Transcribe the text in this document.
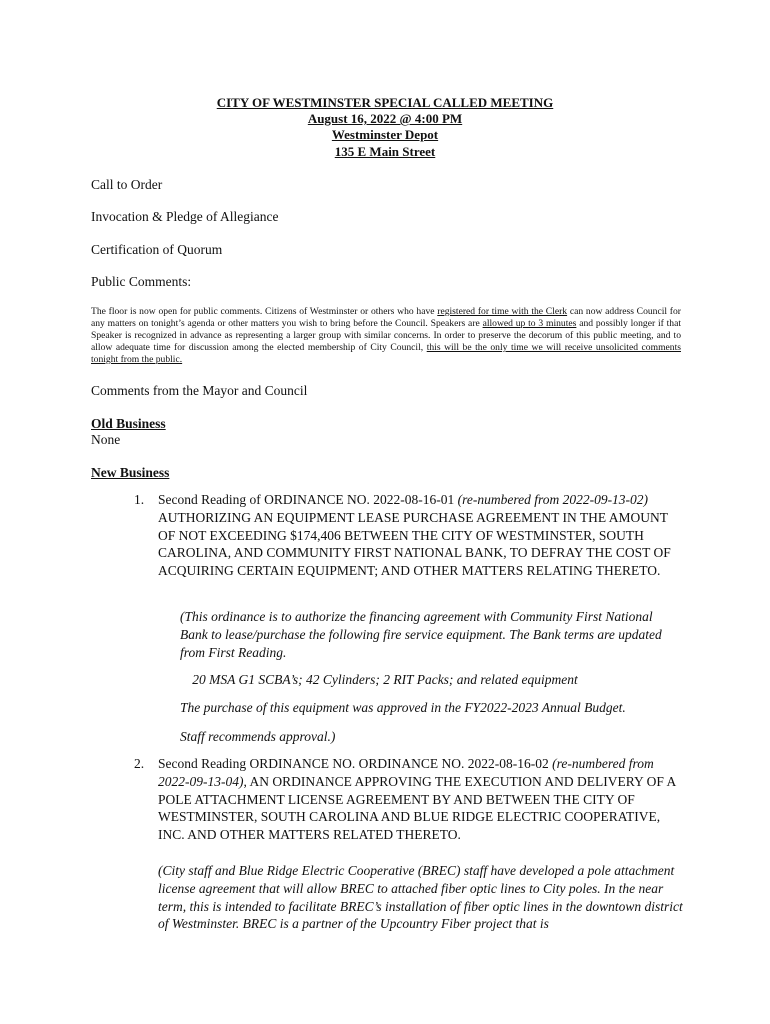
CITY OF WESTMINSTER SPECIAL CALLED MEETING
August 16, 2022 @ 4:00 PM
Westminster Depot
135 E Main Street
Call to Order
Invocation & Pledge of Allegiance
Certification of Quorum
Public Comments:
The floor is now open for public comments. Citizens of Westminster or others who have registered for time with the Clerk can now address Council for any matters on tonight’s agenda or other matters you wish to bring before the Council. Speakers are allowed up to 3 minutes and possibly longer if that Speaker is recognized in advance as representing a larger group with similar concerns. In order to preserve the decorum of this public meeting, and to allow adequate time for discussion among the elected membership of City Council, this will be the only time we will receive unsolicited comments tonight from the public.
Comments from the Mayor and Council
Old Business
None
New Business
1. Second Reading of ORDINANCE NO. 2022-08-16-01 (re-numbered from 2022-09-13-02) AUTHORIZING AN EQUIPMENT LEASE PURCHASE AGREEMENT IN THE AMOUNT OF NOT EXCEEDING $174,406 BETWEEN THE CITY OF WESTMINSTER, SOUTH CAROLINA, AND COMMUNITY FIRST NATIONAL BANK, TO DEFRAY THE COST OF ACQUIRING CERTAIN EQUIPMENT; AND OTHER MATTERS RELATING THERETO.
(This ordinance is to authorize the financing agreement with Community First National Bank to lease/purchase the following fire service equipment. The Bank terms are updated from First Reading.
20 MSA G1 SCBA’s; 42 Cylinders; 2 RIT Packs; and related equipment
The purchase of this equipment was approved in the FY2022-2023 Annual Budget.
Staff recommends approval.)
2. Second Reading ORDINANCE NO. ORDINANCE NO. 2022-08-16-02 (re-numbered from 2022-09-13-04), AN ORDINANCE APPROVING THE EXECUTION AND DELIVERY OF A POLE ATTACHMENT LICENSE AGREEMENT BY AND BETWEEN THE CITY OF WESTMINSTER, SOUTH CAROLINA AND BLUE RIDGE ELECTRIC COOPERATIVE, INC. AND OTHER MATTERS RELATED THERETO.
(City staff and Blue Ridge Electric Cooperative (BREC) staff have developed a pole attachment license agreement that will allow BREC to attached fiber optic lines to City poles. In the near term, this is intended to facilitate BREC’s installation of fiber optic lines in the downtown district of Westminster. BREC is a partner of the Upcountry Fiber project that is
